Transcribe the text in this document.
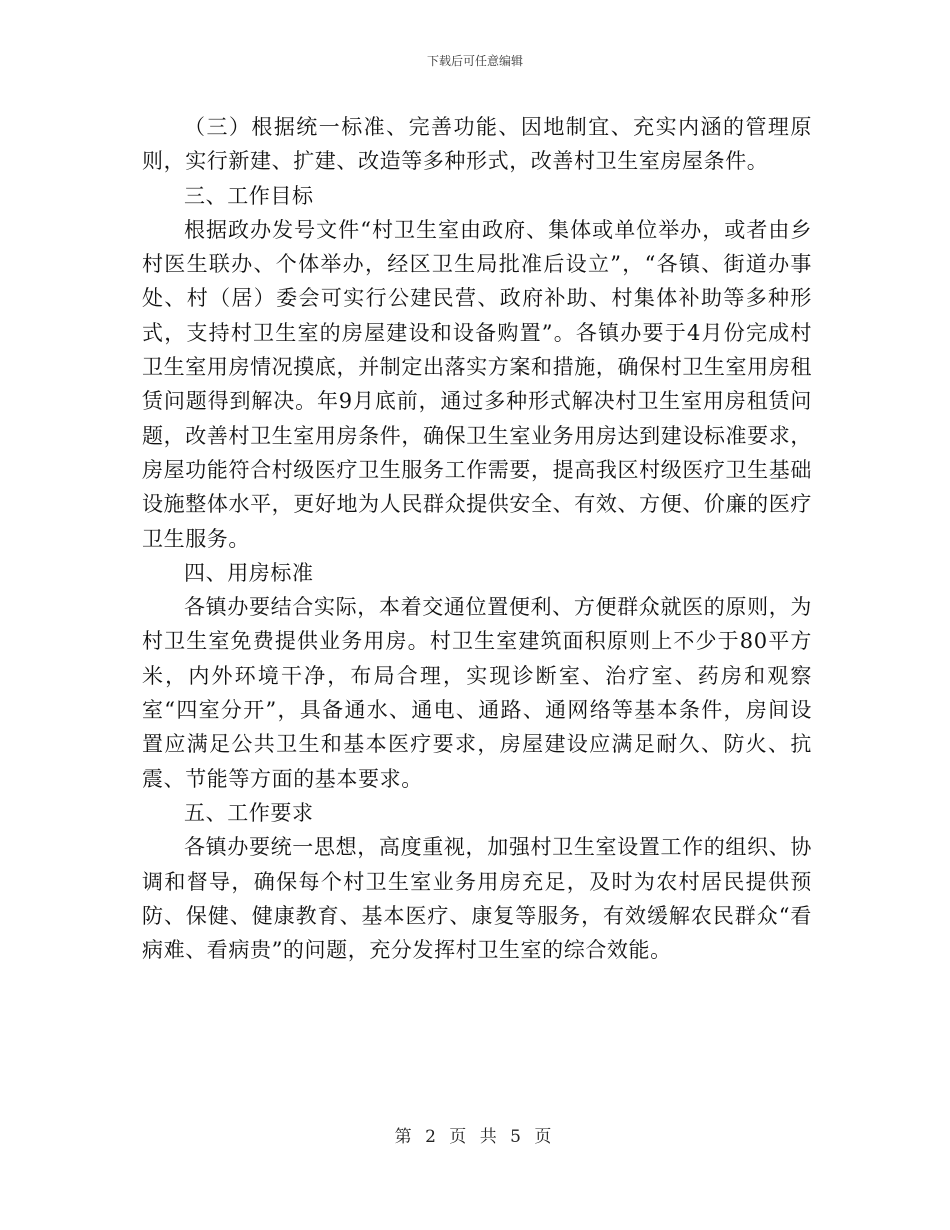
下载后可任意编辑

（三）根据统一标准、完善功能、因地制宜、充实内涵的管理原则，实行新建、扩建、改造等多种形式，改善村卫生室房屋条件。

三、工作目标

根据政办发号文件“村卫生室由政府、集体或单位举办，或者由乡村医生联办、个体举办，经区卫生局批准后设立”，“各镇、街道办事处、村（居）委会可实行公建民营、政府补助、村集体补助等多种形式，支持村卫生室的房屋建设和设备购置”。各镇办要于4月份完成村卫生室用房情况摸底，并制定出落实方案和措施，确保村卫生室用房租赁问题得到解决。年9月底前，通过多种形式解决村卫生室用房租赁问题，改善村卫生室用房条件，确保卫生室业务用房达到建设标准要求，房屋功能符合村级医疗卫生服务工作需要，提高我区村级医疗卫生基础设施整体水平，更好地为人民群众提供安全、有效、方便、价廉的医疗卫生服务。

四、用房标准

各镇办要结合实际，本着交通位置便利、方便群众就医的原则，为村卫生室免费提供业务用房。村卫生室建筑面积原则上不少于80平方米，内外环境干净，布局合理，实现诊断室、治疗室、药房和观察室“四室分开”，具备通水、通电、通路、通网络等基本条件，房间设置应满足公共卫生和基本医疗要求，房屋建设应满足耐久、防火、抗震、节能等方面的基本要求。

五、工作要求

各镇办要统一思想，高度重视，加强村卫生室设置工作的组织、协调和督导，确保每个村卫生室业务用房充足，及时为农村居民提供预防、保健、健康教育、基本医疗、康复等服务，有效缓解农民群众“看病难、看病贵”的问题，充分发挥村卫生室的综合效能。

第 2 页 共 5 页
